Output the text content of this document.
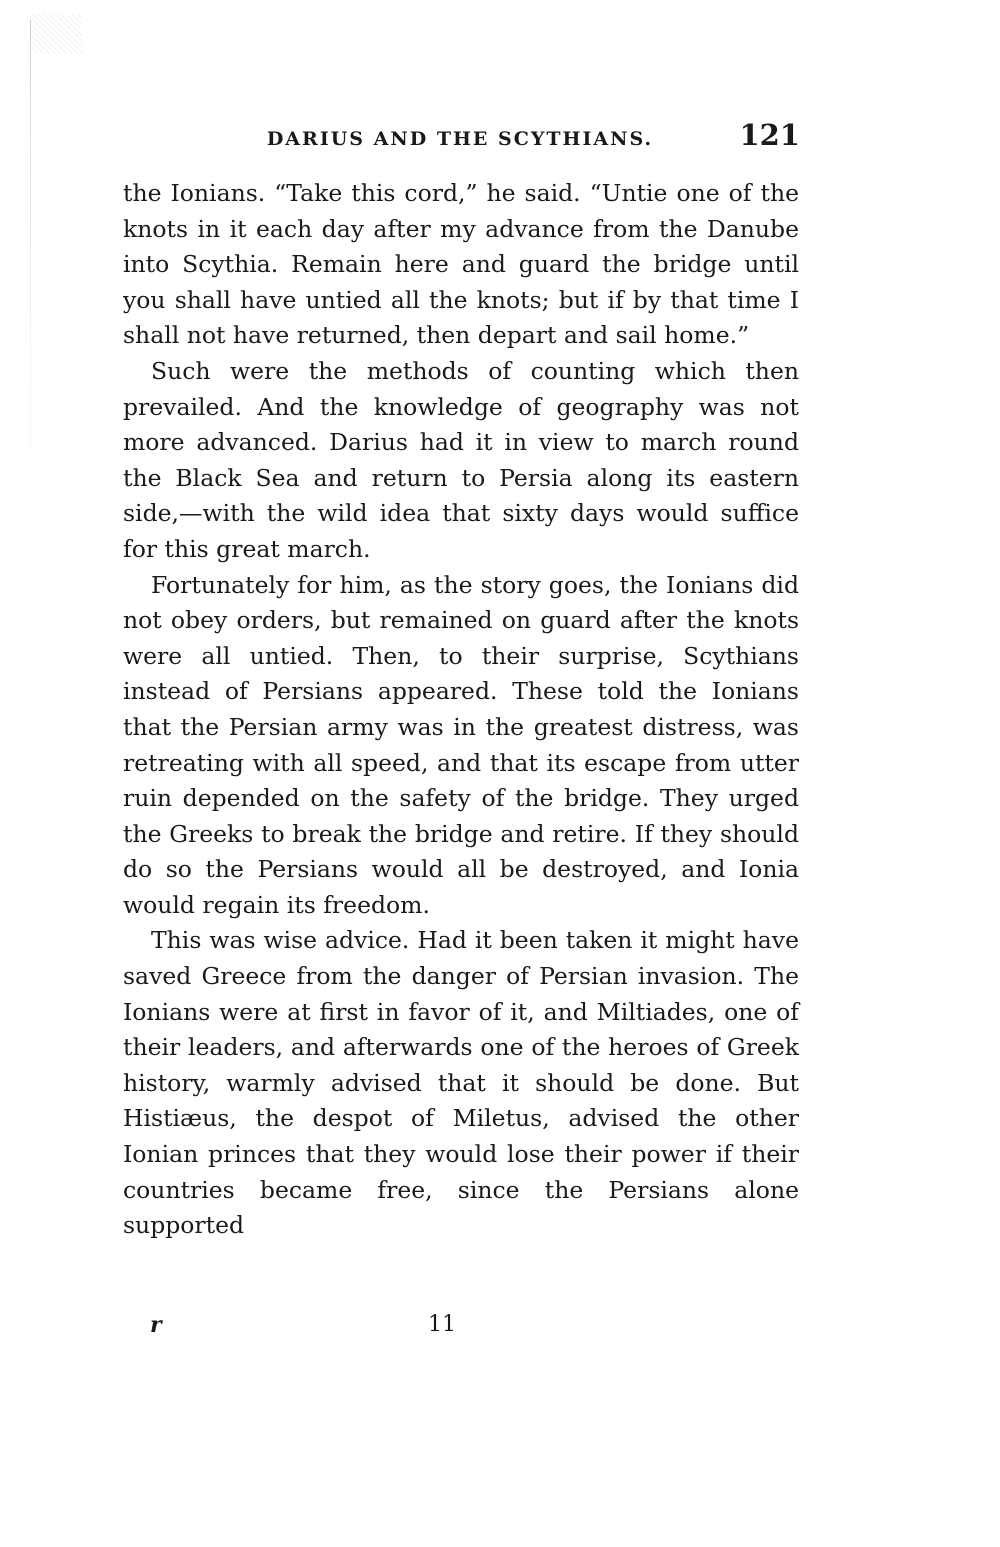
DARIUS AND THE SCYTHIANS.	121

the Ionians. “Take this cord,” he said. “Untie one of the knots in it each day after my advance from the Danube into Scythia. Remain here and guard the bridge until you shall have untied all the knots; but if by that time I shall not have returned, then depart and sail home.”

Such were the methods of counting which then prevailed. And the knowledge of geography was not more advanced. Darius had it in view to march round the Black Sea and return to Persia along its eastern side,—with the wild idea that sixty days would suffice for this great march.

Fortunately for him, as the story goes, the Ionians did not obey orders, but remained on guard after the knots were all untied. Then, to their surprise, Scythians instead of Persians appeared. These told the Ionians that the Persian army was in the greatest distress, was retreating with all speed, and that its escape from utter ruin depended on the safety of the bridge. They urged the Greeks to break the bridge and retire. If they should do so the Persians would all be destroyed, and Ionia would regain its freedom.

This was wise advice. Had it been taken it might have saved Greece from the danger of Persian invasion. The Ionians were at first in favor of it, and Miltiades, one of their leaders, and afterwards one of the heroes of Greek history, warmly advised that it should be done. But Histiæus, the despot of Miletus, advised the other Ionian princes that they would lose their power if their countries became free, since the Persians alone supported

r	11
